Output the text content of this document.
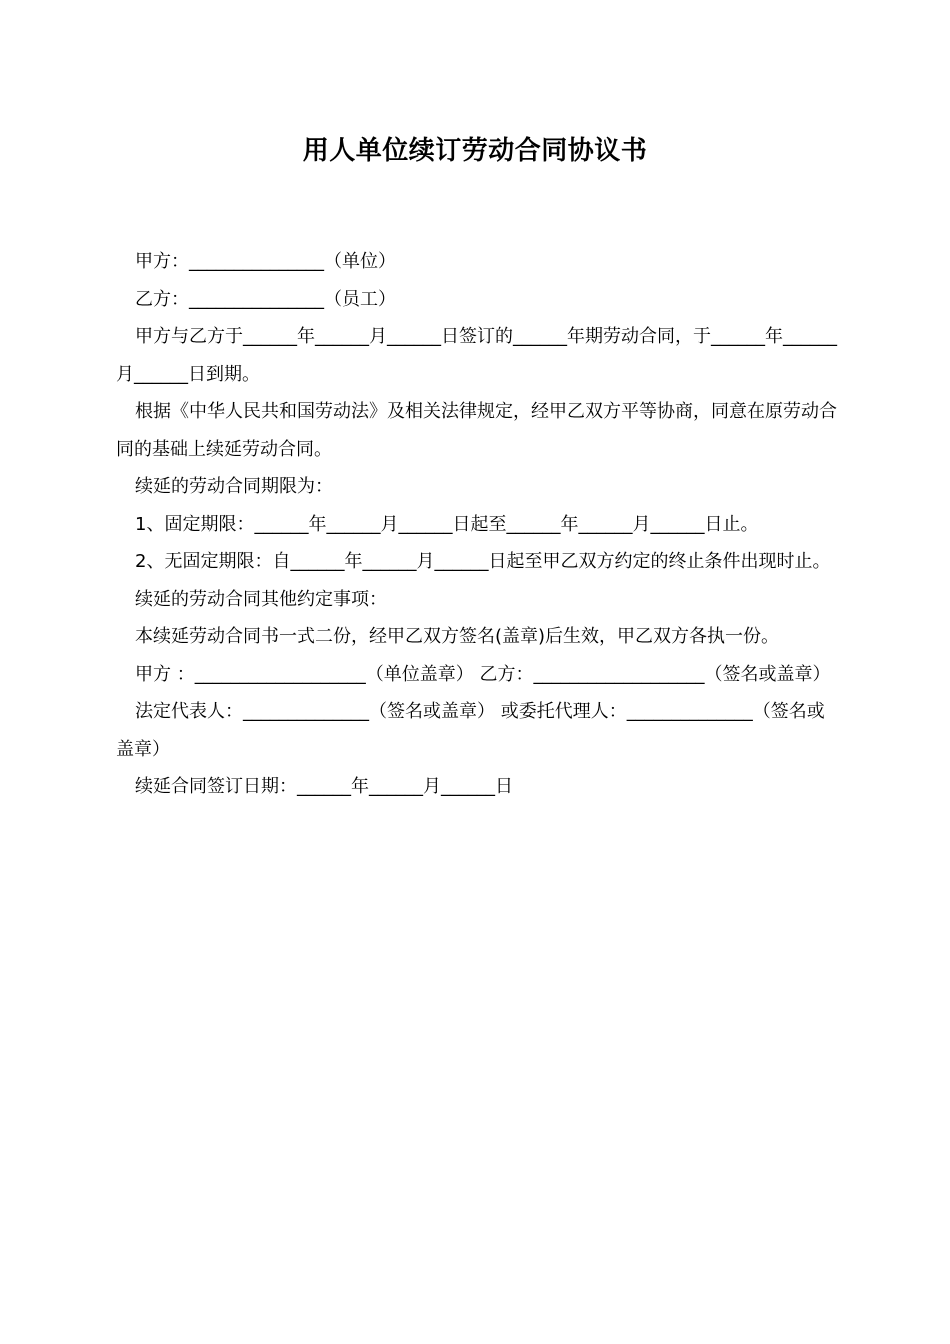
用人单位续订劳动合同协议书

甲方：_______________（单位）

乙方：_______________（员工）

甲方与乙方于______年______月______日签订的______年期劳动合同，于______年______月______日到期。

根据《中华人民共和国劳动法》及相关法律规定，经甲乙双方平等协商，同意在原劳动合同的基础上续延劳动合同。

续延的劳动合同期限为：

1、固定期限：______年______月______日起至______年______月______日止。

2、无固定期限：自______年______月______日起至甲乙双方约定的终止条件出现时止。

续延的劳动合同其他约定事项：

本续延劳动合同书一式二份，经甲乙双方签名(盖章)后生效，甲乙双方各执一份。

甲方 ：___________________（单位盖章） 乙方：___________________（签名或盖章）

法定代表人：______________（签名或盖章） 或委托代理人：______________（签名或盖章）

续延合同签订日期：______年______月______日
